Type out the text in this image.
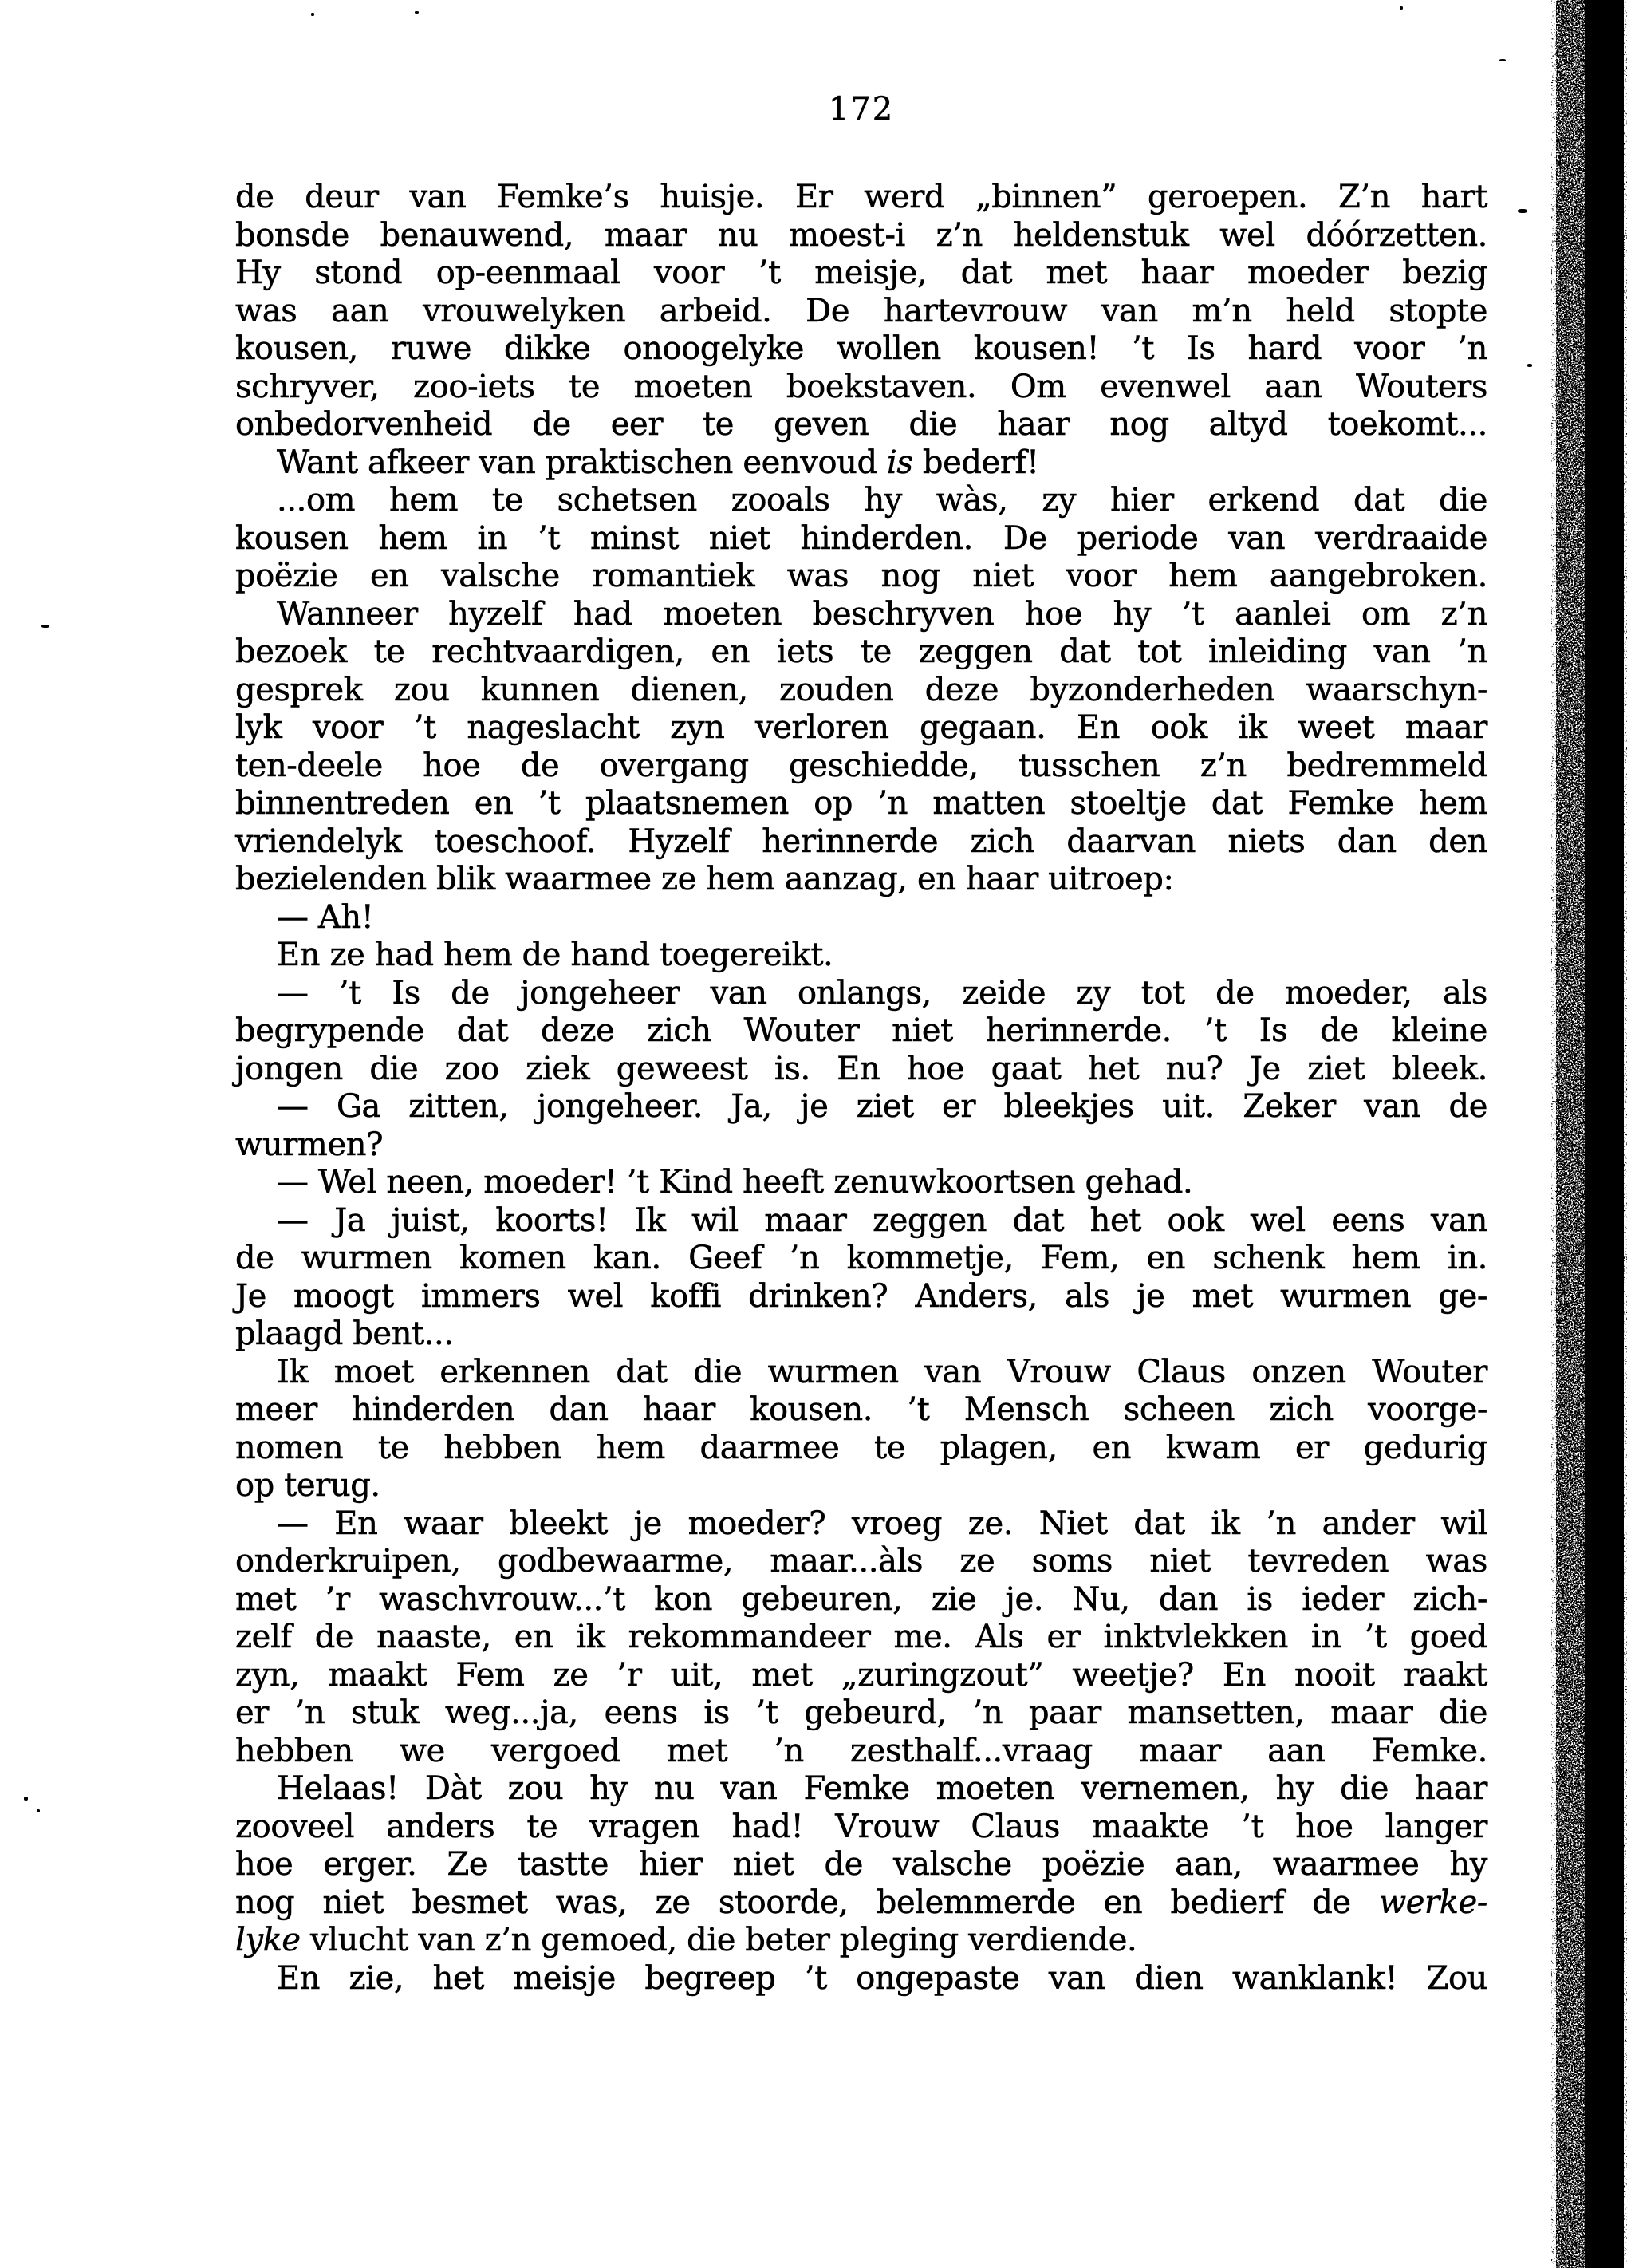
172
de deur van Femke’s huisje. Er werd „binnen” geroepen. Z’n hart
bonsde benauwend, maar nu moest-i z’n heldenstuk wel dóórzetten.
Hy stond op-eenmaal voor ’t meisje, dat met haar moeder bezig
was aan vrouwelyken arbeid. De hartevrouw van m’n held stopte
kousen, ruwe dikke onoogelyke wollen kousen! ’t Is hard voor ’n
schryver, zoo-iets te moeten boekstaven. Om evenwel aan Wouters
onbedorvenheid de eer te geven die haar nog altyd toekomt...
Want afkeer van praktischen eenvoud is bederf!
...om hem te schetsen zooals hy wàs, zy hier erkend dat die
kousen hem in ’t minst niet hinderden. De periode van verdraaide
poëzie en valsche romantiek was nog niet voor hem aangebroken.
Wanneer hyzelf had moeten beschryven hoe hy ’t aanlei om z’n
bezoek te rechtvaardigen, en iets te zeggen dat tot inleiding van ’n
gesprek zou kunnen dienen, zouden deze byzonderheden waarschyn-
lyk voor ’t nageslacht zyn verloren gegaan. En ook ik weet maar
ten-deele hoe de overgang geschiedde, tusschen z’n bedremmeld
binnentreden en ’t plaatsnemen op ’n matten stoeltje dat Femke hem
vriendelyk toeschoof. Hyzelf herinnerde zich daarvan niets dan den
bezielenden blik waarmee ze hem aanzag, en haar uitroep:
— Ah!
En ze had hem de hand toegereikt.
— ’t Is de jongeheer van onlangs, zeide zy tot de moeder, als
begrypende dat deze zich Wouter niet herinnerde. ’t Is de kleine
jongen die zoo ziek geweest is. En hoe gaat het nu? Je ziet bleek.
— Ga zitten, jongeheer. Ja, je ziet er bleekjes uit. Zeker van de
wurmen?
— Wel neen, moeder! ’t Kind heeft zenuwkoortsen gehad.
— Ja juist, koorts! Ik wil maar zeggen dat het ook wel eens van
de wurmen komen kan. Geef ’n kommetje, Fem, en schenk hem in.
Je moogt immers wel koffi drinken? Anders, als je met wurmen ge-
plaagd bent...
Ik moet erkennen dat die wurmen van Vrouw Claus onzen Wouter
meer hinderden dan haar kousen. ’t Mensch scheen zich voorge-
nomen te hebben hem daarmee te plagen, en kwam er gedurig
op terug.
— En waar bleekt je moeder? vroeg ze. Niet dat ik ’n ander wil
onderkruipen, godbewaarme, maar...àls ze soms niet tevreden was
met ’r waschvrouw...’t kon gebeuren, zie je. Nu, dan is ieder zich-
zelf de naaste, en ik rekommandeer me. Als er inktvlekken in ’t goed
zyn, maakt Fem ze ’r uit, met „zuringzout” weetje? En nooit raakt
er ’n stuk weg...ja, eens is ’t gebeurd, ’n paar mansetten, maar die
hebben we vergoed met ’n zesthalf...vraag maar aan Femke.
Helaas! Dàt zou hy nu van Femke moeten vernemen, hy die haar
zooveel anders te vragen had! Vrouw Claus maakte ’t hoe langer
hoe erger. Ze tastte hier niet de valsche poëzie aan, waarmee hy
nog niet besmet was, ze stoorde, belemmerde en bedierf de werke-
lyke vlucht van z’n gemoed, die beter pleging verdiende.
En zie, het meisje begreep ’t ongepaste van dien wanklank! Zou
